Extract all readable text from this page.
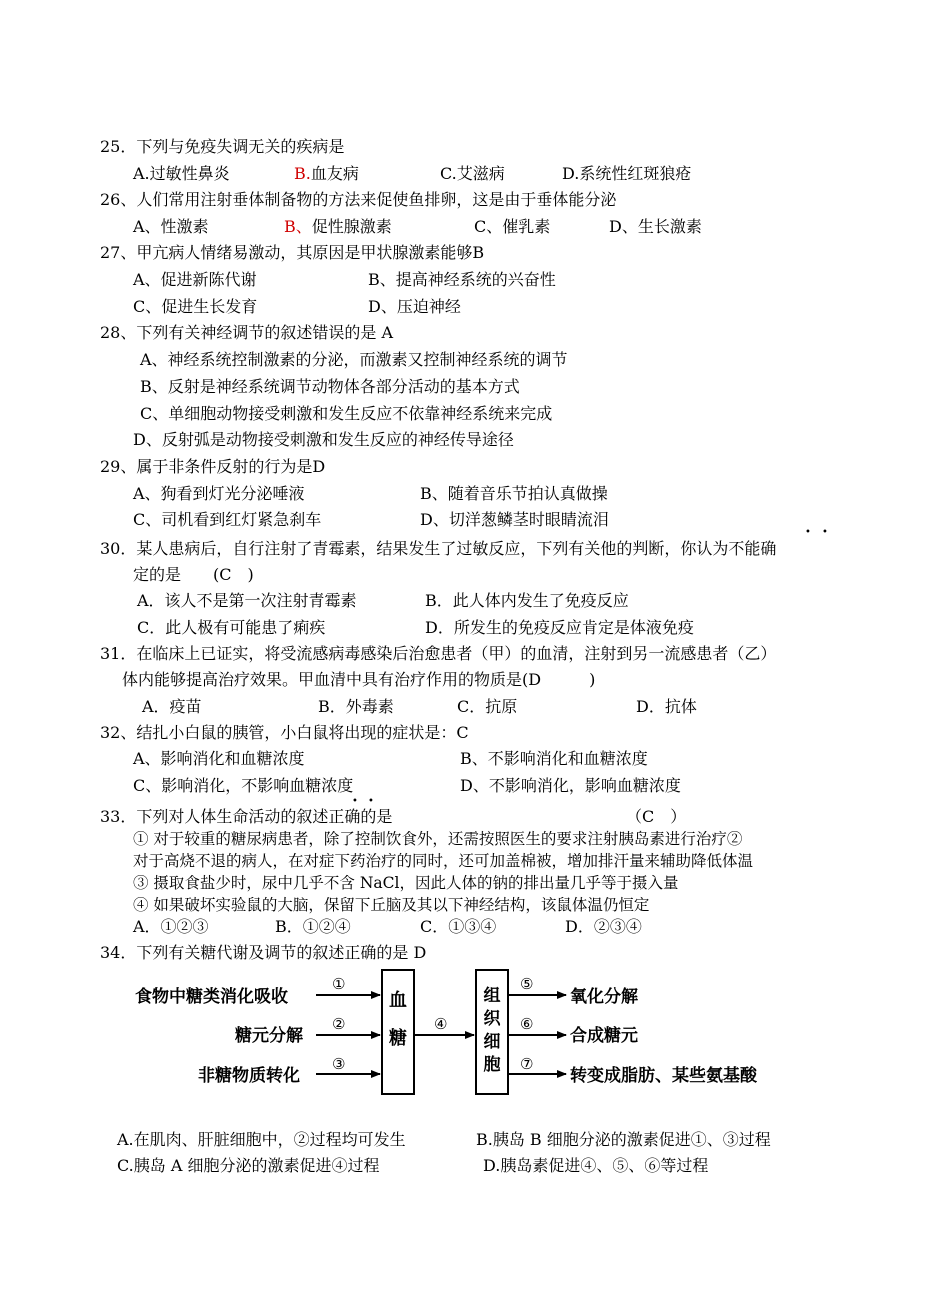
25．下列与免疫失调无关的疾病是
A.过敏性鼻炎	B.血友病	C.艾滋病	D.系统性红斑狼疮
26、人们常用注射垂体制备物的方法来促使鱼排卵，这是由于垂体能分泌
A、性激素	B、促性腺激素	C、催乳素	D、生长激素
27、甲亢病人情绪易激动，其原因是甲状腺激素能够B
A、促进新陈代谢	B、提高神经系统的兴奋性
C、促进生长发育	D、压迫神经
28、下列有关神经调节的叙述错误的是 A
A、神经系统控制激素的分泌，而激素又控制神经系统的调节
B、反射是神经系统调节动物体各部分活动的基本方式
C、单细胞动物接受刺激和发生反应不依靠神经系统来完成
D、反射弧是动物接受刺激和发生反应的神经传导途径
29、属于非条件反射的行为是D
A、狗看到灯光分泌唾液	B、随着音乐节拍认真做操
C、司机看到红灯紧急刹车	D、切洋葱鳞茎时眼睛流泪
• •
30．某人患病后，自行注射了青霉素，结果发生了过敏反应，下列有关他的判断，你认为不能确
定的是　　(C　)
A．该人不是第一次注射青霉素	B．此人体内发生了免疫反应
C．此人极有可能患了痢疾	D．所发生的免疫反应肯定是体液免疫
31．在临床上已证实，将受流感病毒感染后治愈患者（甲）的血清，注射到另一流感患者（乙）
体内能够提高治疗效果。甲血清中具有治疗作用的物质是(D　　　)
A．疫苗	B．外毒素	C．抗原	D．抗体
32、结扎小白鼠的胰管，小白鼠将出现的症状是：C
A、影响消化和血糖浓度	B、不影响消化和血糖浓度
C、影响消化，不影响血糖浓度	D、不影响消化，影响血糖浓度
• •
33．下列对人体生命活动的叙述正确的是	（C　）
① 对于较重的糖尿病患者，除了控制饮食外，还需按照医生的要求注射胰岛素进行治疗②
对于高烧不退的病人，在对症下药治疗的同时，还可加盖棉被，增加排汗量来辅助降低体温
③ 摄取食盐少时，尿中几乎不含 NaCl，因此人体的钠的排出量几乎等于摄入量
④ 如果破坏实验鼠的大脑，保留下丘脑及其以下神经结构，该鼠体温仍恒定
A．①②③	B．①②④	C．①③④	D．②③④
34．下列有关糖代谢及调节的叙述正确的是 D
食物中糖类消化吸收
糖元分解
非糖物质转化
①
②
③
血
糖
④
组
织
细
胞
⑤
⑥
⑦
氧化分解
合成糖元
转变成脂肪、某些氨基酸
A.在肌肉、肝脏细胞中，②过程均可发生	B.胰岛 B 细胞分泌的激素促进①、③过程
C.胰岛 A 细胞分泌的激素促进④过程	D.胰岛素促进④、⑤、⑥等过程
